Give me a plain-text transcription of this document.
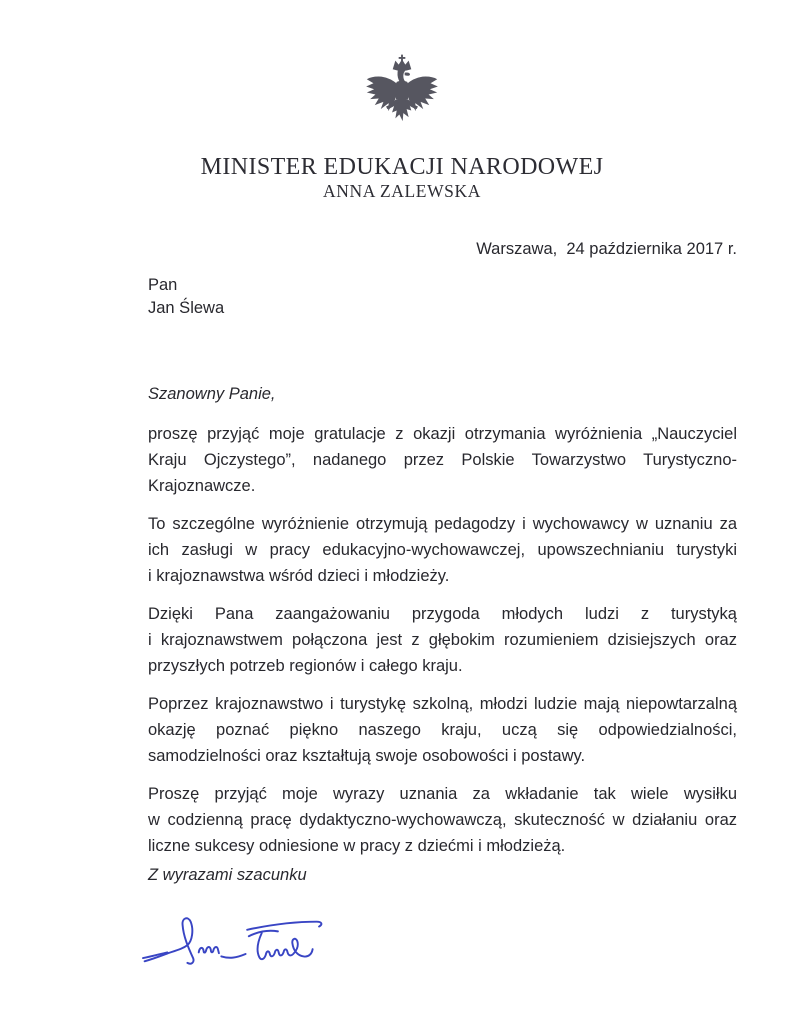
MINISTER EDUKACJI NARODOWEJ
ANNA ZALEWSKA
Warszawa,  24 października 2017 r.
Pan
Jan Ślewa

Szanowny Panie,

proszę przyjąć moje gratulacje z okazji otrzymania wyróżnienia „Nauczyciel Kraju Ojczystego”, nadanego przez Polskie Towarzystwo Turystyczno-Krajoznawcze.

To szczególne wyróżnienie otrzymują pedagodzy i wychowawcy w uznaniu za ich zasługi w pracy edukacyjno-wychowawczej, upowszechnianiu turystyki i krajoznawstwa wśród dzieci i młodzieży.

Dzięki Pana zaangażowaniu przygoda młodych ludzi z turystyką i krajoznawstwem połączona jest z głębokim rozumieniem dzisiejszych oraz przyszłych potrzeb regionów i całego kraju.

Poprzez krajoznawstwo i turystykę szkolną, młodzi ludzie mają niepowtarzalną okazję poznać piękno naszego kraju, uczą się odpowiedzialności, samodzielności oraz kształtują swoje osobowości i postawy.

Proszę przyjąć moje wyrazy uznania za wkładanie tak wiele wysiłku w codzienną pracę dydaktyczno-wychowawczą, skuteczność w działaniu oraz liczne sukcesy odniesione w pracy z dziećmi i młodzieżą.

Z wyrazami szacunku
